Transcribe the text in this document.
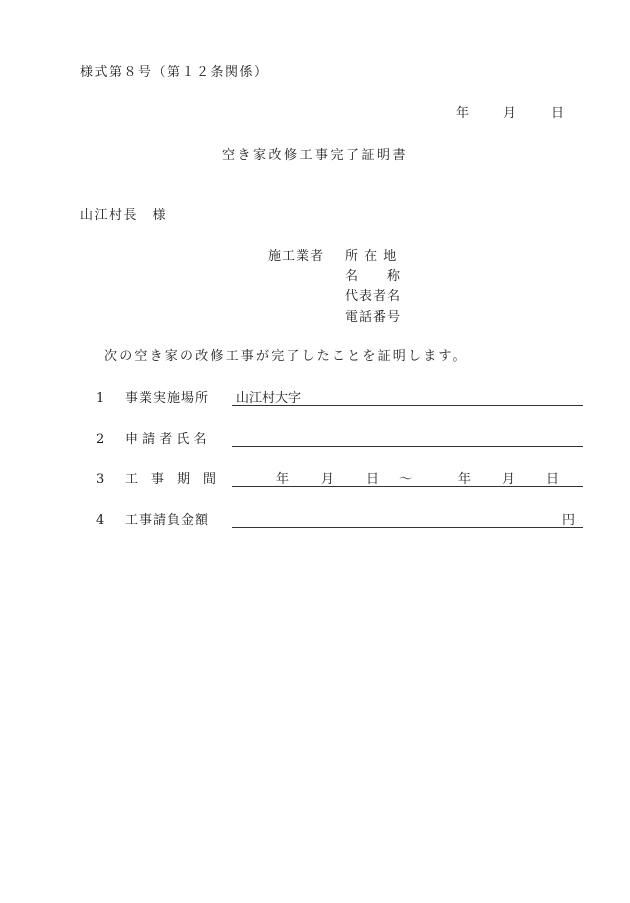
様式第８号（第１２条関係）
年	月	日
空き家改修工事完了証明書
山江村長　様
施工業者 所 在 地
名　　称
代表者名
電話番号
次の空き家の改修工事が完了したことを証明します。
1 事業実施場所 山江村大字
2 申 請 者 氏 名
3 工　事　期　間	年 月 日 〜	年 月 日
4 工事請負金額	円
